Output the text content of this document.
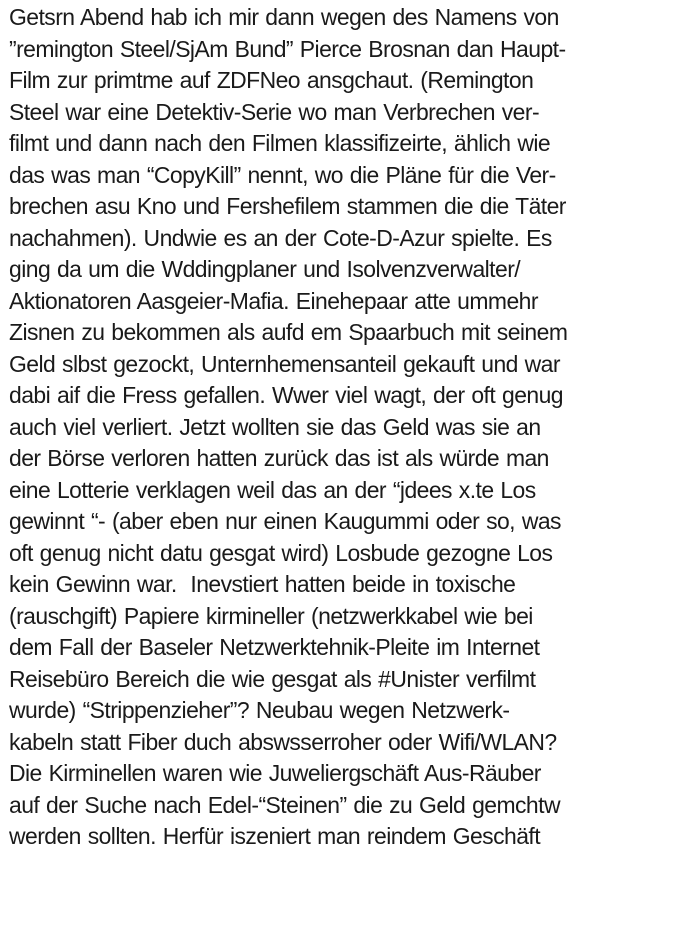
Getsrn Abend hab ich mir dann wegen des Namens von
”remington Steel/SjAm Bund” Pierce Brosnan dan Haupt-
Film zur primtme auf ZDFNeo ansgchaut. (Remington
Steel war eine Detektiv-Serie wo man Verbrechen ver-
filmt und dann nach den Filmen klassifizeirte, ählich wie
das was man “CopyKill” nennt, wo die Pläne für die Ver-
brechen asu Kno und Fershefilem stammen die die Täter
nachahmen). Undwie es an der Cote-D-Azur spielte. Es
ging da um die Wddingplaner und Isolvenzverwalter/
Aktionatoren Aasgeier-Mafia. Einehepaar atte ummehr
Zisnen zu bekommen als aufd em Spaarbuch mit seinem
Geld slbst gezockt, Unternhemensanteil gekauft und war
dabi aif die Fress gefallen. Wwer viel wagt, der oft genug
auch viel verliert. Jetzt wollten sie das Geld was sie an
der Börse verloren hatten zurück das ist als würde man
eine Lotterie verklagen weil das an der “jdees x.te Los
gewinnt “- (aber eben nur einen Kaugummi oder so, was
oft genug nicht datu gesgat wird) Losbude gezogne Los
kein Gewinn war.  Inevstiert hatten beide in toxische
(rauschgift) Papiere kirmineller (netzwerkkabel wie bei
dem Fall der Baseler Netzwerktehnik-Pleite im Internet
Reisebüro Bereich die wie gesgat als #Unister verfilmt
wurde) “Strippenzieher”? Neubau wegen Netzwerk-
kabeln statt Fiber duch abswsserroher oder Wifi/WLAN?
Die Kirminellen waren wie Juweliergschäft Aus-Räuber
auf der Suche nach Edel-“Steinen” die zu Geld gemchtw
werden sollten. Herfür iszeniert man reindem Geschäft
